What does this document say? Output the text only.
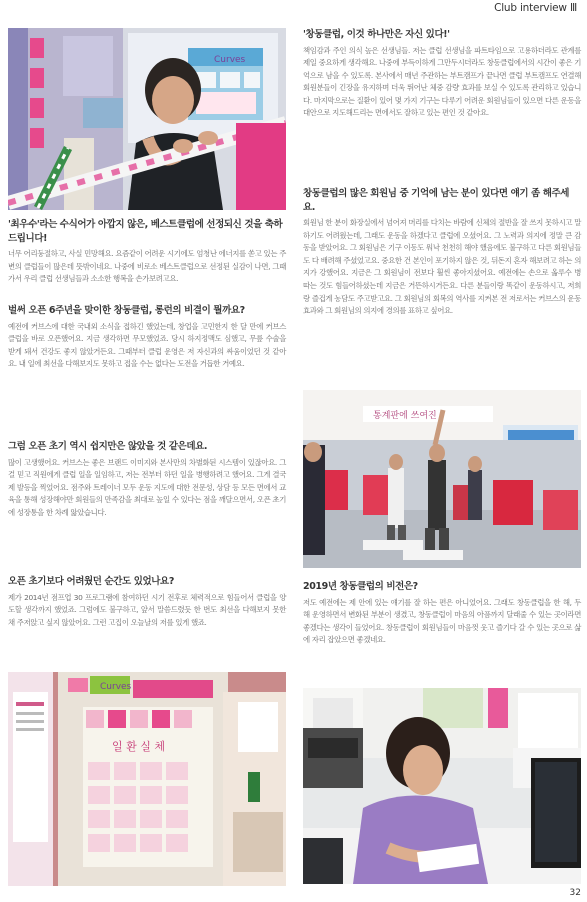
Club interview Ⅲ
Curves

'최우수'라는 수식어가 아깝지 않은, 베스트클럽에 선정되신 것을 축하드립니다!

너무 어리둥절하고, 사실 민망해요. 요즘같이 어려운 시기에도 엄청난 에너지를 쏟고 있는 주변의 클럽들이 많은데 뜻밖이네요. 나중에 비로소 베스트클럽으로 선정된 실감이 나면, 그때 가서 우리 클럽 선생님들과 소소한 행복을 손가보려고요.

벌써 오픈 6주년을 맞이한 창동클럽, 롱런의 비결이 뭘까요?

예전에 커브스에 대한 국내외 소식을 접하긴 했었는데, 창업을 고민한지 한 달 만에 커브스 클럽을 바로 오픈했어요. 지금 생각하면 무모했었죠. 당시 하지정맥도 심했고, 무릎 수술을 받게 돼서 건강도 좋지 않았거든요. 그때부터 클럽 운영은 저 자신과의 싸움이었던 것 같아요. 내 일에 최선을 다해보지도 못하고 접을 수는 없다는 도전을 거듭한 거예요.

그럼 오픈 초기 역시 쉽지만은 않았을 것 같은데요.

많이 고생했어요. 커브스는 좋은 브랜드 이미지와 본사만의 차별화된 시스템이 있잖아요. 그걸 믿고 직원에게 클럽 일을 일임하고, 저는 전부터 하던 일을 병행하려고 했어요. 그게 결국 제 발등을 찍었어요. 점주와 트레이너 모두 운동 지도에 대한 전문성, 상담 등 모든 면에서 교육을 통해 성장해야만 회원들의 만족감을 최대로 높일 수 있다는 점을 깨달으면서, 오픈 초기에 성장통을 한 차례 앓았습니다.

오픈 초기보다 어려웠던 순간도 있었나요?

제가 2014년 점프업 30 프로그램에 참여하던 시기 전후로 체력적으로 힘들어서 클럽을 양도할 생각까지 했었죠. 그럼에도 불구하고, 앞서 말씀드렸듯 한 번도 최선을 다해보지 못한 채 주저앉고 싶지 않았어요. 그런 고집이 오늘날의 저를 있게 했죠.

Curves
일 환 실 체

'창동클럽, 이것 하나만은 자신 있다!'

책임감과 주인 의식 높은 선생님들. 저는 클럽 선생님을 파트타임으로 고용하더라도 관계를 제일 중요하게 생각해요. 나중에 부득이하게 그만두시더라도 창동클럽에서의 시간이 좋은 기억으로 남을 수 있도록. 본사에서 매년 주관하는 부트캠프가 끝나면 클럽 부트캠프도 연결해 회원분들이 긴장을 유지하며 더욱 뛰어난 체중 감량 효과를 보실 수 있도록 관리하고 있습니다. 마지막으로는 질환이 있어 몇 가지 기구는 다루기 어려운 회원님들이 있으면 다른 운동을 대안으로 지도해드리는 면에서도 잘하고 있는 편인 것 같아요.

창동클럽의 많은 회원님 중 기억에 남는 분이 있다면 얘기 좀 해주세요.

회원님 한 분이 화장실에서 넘어져 머리를 다치는 바람에 신체의 절반을 잘 쓰지 못하시고 말하기도 어려웠는데, 그래도 운동을 하겠다고 클럽에 오셨어요. 그 노력과 의지에 정말 큰 감동을 받았어요. 그 회원님은 기구 이동도 워낙 천천히 해야 했음에도 불구하고 다른 회원님들도 다 배려해 주셨었고요. 중요한 건 본인이 포기하지 않은 것, 뒤돈지 혼자 해보려고 하는 의지가 강했어요. 지금은 그 회원님이 전보다 훨씬 좋아지셨어요. 예전에는 손으로 옮루수 병 따는 것도 힘들어하셨는데 지금은 거뜬하시거든요. 다른 분들이랑 똑같이 운동하시고, 저희랑 즐겁게 농담도 주고받고요. 그 회원님의 회복의 역사를 지켜본 전 저로서는 커브스의 운동효과와 그 회원님의 의지에 경의를 표하고 싶어요.

통계판에 쓰여진

2019년 창동클럽의 비전은?

저도 예전에는 제 안에 있는 얘기를 잘 하는 편은 아니었어요. 그래도 창동클럽을 한 해, 두 해 운영하면서 변화된 부분이 생겼고, 창동클럽이 마음의 아픔까지 달래줄 수 있는 곳이라면 좋겠다는 생각이 들었어요. 창동클럽이 회원님들이 마음껏 웃고 즐기다 갈 수 있는 곳으로 삶에 자리 잡았으면 좋겠네요.

32
